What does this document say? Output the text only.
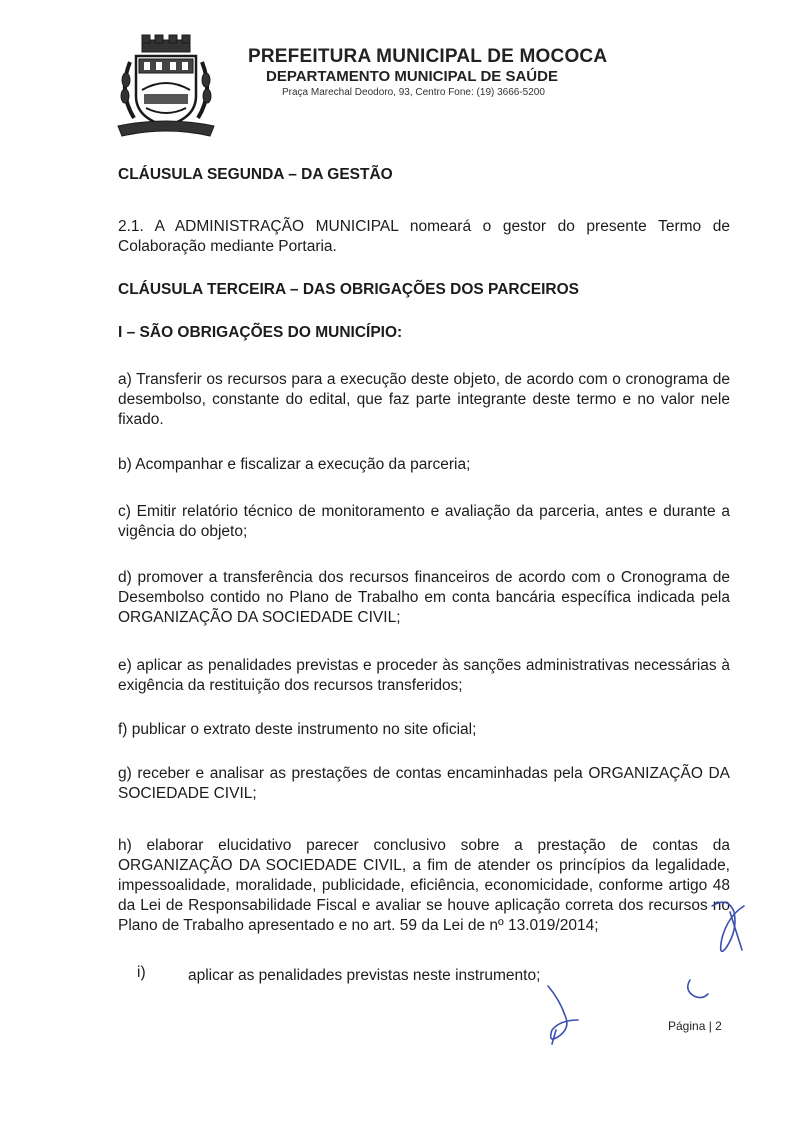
PREFEITURA MUNICIPAL DE MOCOCA
DEPARTAMENTO MUNICIPAL DE SAÚDE
Praça Marechal Deodoro, 93, Centro Fone: (19) 3666-5200
CLÁUSULA SEGUNDA – DA GESTÃO
2.1. A ADMINISTRAÇÃO MUNICIPAL nomeará o gestor do presente Termo de Colaboração mediante Portaria.
CLÁUSULA TERCEIRA – DAS OBRIGAÇÕES DOS PARCEIROS
I – SÃO OBRIGAÇÕES DO MUNICÍPIO:
a) Transferir os recursos para a execução deste objeto, de acordo com o cronograma de desembolso, constante do edital, que faz parte integrante deste termo e no valor nele fixado.
b) Acompanhar e fiscalizar a execução da parceria;
c) Emitir relatório técnico de monitoramento e avaliação da parceria, antes e durante a vigência do objeto;
d) promover a transferência dos recursos financeiros de acordo com o Cronograma de Desembolso contido no Plano de Trabalho em conta bancária específica indicada pela ORGANIZAÇÃO DA SOCIEDADE CIVIL;
e) aplicar as penalidades previstas e proceder às sanções administrativas necessárias à exigência da restituição dos recursos transferidos;
f) publicar o extrato deste instrumento no site oficial;
g) receber e analisar as prestações de contas encaminhadas pela ORGANIZAÇÃO DA SOCIEDADE CIVIL;
h) elaborar elucidativo parecer conclusivo sobre a prestação de contas da ORGANIZAÇÃO DA SOCIEDADE CIVIL, a fim de atender os princípios da legalidade, impessoalidade, moralidade, publicidade, eficiência, economicidade, conforme artigo 48 da Lei de Responsabilidade Fiscal e avaliar se houve aplicação correta dos recursos no Plano de Trabalho apresentado e no art. 59 da Lei de nº 13.019/2014;
i)	aplicar as penalidades previstas neste instrumento;
Página | 2
